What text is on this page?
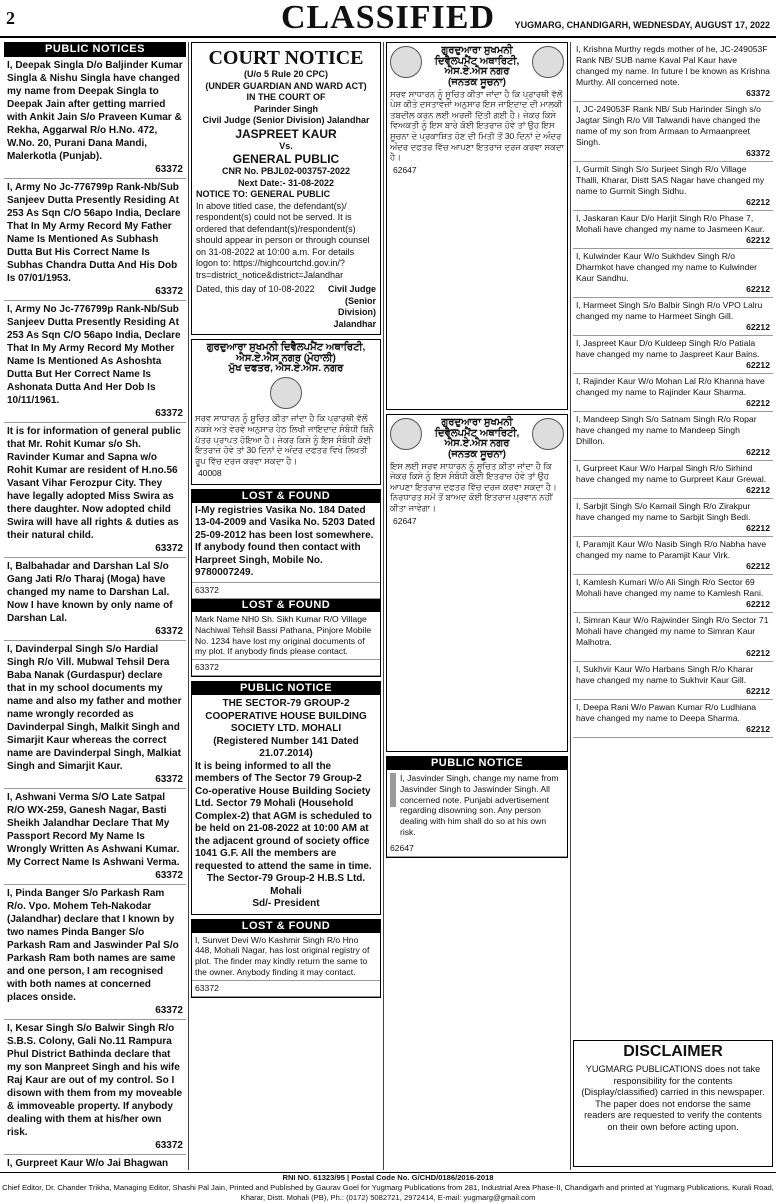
2	CLASSIFIED	YUGMARG, CHANDIGARH, WEDNESDAY, AUGUST 17, 2022
PUBLIC NOTICES
I, Deepak Singla D/o Baljinder Kumar Singla & Nishu Singla have changed my name from Deepak Singla to Deepak Jain after getting married with Ankit Jain S/o Praveen Kumar & Rekha, Aggarwal R/o H.No. 472, W.No. 20, Purani Dana Mandi, Malerkotla (Punjab).
63372
I, Army No Jc-776799p Rank-Nb/Sub Sanjeev Dutta Presently Residing At 253 As Sqn C/O 56apo India, Declare That In My Army Record My Father Name Is Mentioned As Subhash Dutta But His Correct Name Is Subhas Chandra Dutta And His Dob Is 07/01/1953.
63372
I, Army No Jc-776799p Rank-Nb/Sub Sanjeev Dutta Presently Residing At 253 As Sqn C/O 56apo India, Declare That In My Army Record My Mother Name Is Mentioned As Ashoshta Dutta But Her Correct Name Is Ashonata Dutta And Her Dob Is 10/11/1961.
63372
It is for information of general public that Mr. Rohit Kumar s/o Sh. Ravinder Kumar and Sapna w/o Rohit Kumar are resident of H.no.56 Vasant Vihar Ferozpur City. They have legally adopted Miss Swira as there daughter. Now adopted child Swira will have all rights & duties as their natural child.
63372
I, Balbahadar and Darshan Lal S/o Gang Jati R/o Tharaj (Moga) have changed my name to Darshan Lal. Now I have known by only name of Darshan Lal.
63372
I, Davinderpal Singh S/o Hardial Singh R/o Vill. Mubwal Tehsil Dera Baba Nanak (Gurdaspur) declare that in my school documents my name and also my father and mother name wrongly recorded as Davinderpal Singh, Malkit Singh and Simarjit Kaur whereas the correct name are Davinderpal Singh, Malkiat Singh and Simarjit Kaur.
63372
I, Ashwani Verma S/O Late Satpal R/O WX-259, Ganesh Nagar, Basti Sheikh Jalandhar Declare That My Passport Record My Name Is Wrongly Written As Ashwani Kumar. My Correct Name Is Ashwani Verma.
63372
I, Pinda Banger S/o Parkash Ram R/o. Vpo. Mohem Teh-Nakodar (Jalandhar) declare that I known by two names Pinda Banger S/o Parkash Ram and Jaswinder Pal S/o Parkash Ram both names are same and one person, I am recognised with both names at concerned places onside.
63372
I, Kesar Singh S/o Balwir Singh R/o S.B.S. Colony, Gali No.11 Rampura Phul District Bathinda declare that my son Manpreet Singh and his wife Raj Kaur are out of my control. So I disown with them from my moveable & immoveable property. If anybody dealing with them at his/her own risk.
63372
I, Gurpreet Kaur W/o Jai Bhagwan
COURT NOTICE
(U/o 5 Rule 20 CPC)
(UNDER GUARDIAN AND WARD ACT)
IN THE COURT OF
Parinder Singh
Civil Judge (Senior Division) Jalandhar
JASPREET KAUR
Vs.
GENERAL PUBLIC
CNR No. PBJL02-003757-2022
Next Date:- 31-08-2022
NOTICE TO: GENERAL PUBLIC
In above titled case, the defendant(s)/ respondent(s) could not be served. It is ordered that defendant(s)/respondent(s) should appear in person or through counsel on 31-08-2022 at 10:00 a.m. For details logon to: https://highcourtchd.gov.in/?trs=district_notice&district=Jalandhar
Dated, this day of 10-08-2022	Civil Judge (Senior Division) Jalandhar
ਗੁਰਦੁਆਰਾ ਸੁਖਮਨੀ ਦਿਵੈਲਪਮੈਂਟ ਅਥਾਰਿਟੀ, ਐਸ.ਏ.ਐਸ ਨਗਰ (ਮੋਹਾਲੀ)
ਮੁੱਖ ਦਫਤਰ, ਐਸ.ਏ.ਐਸ. ਨਗਰ
ਸਰਵ ਸਾਧਾਰਨ ਨੂੰ ਸੂਚਿਤ ਕੀਤਾ ਜਾਂਦਾ ਹੈ ਕਿ ਪ੍ਰਾਰਥੀ ਵੱਲੋਂ ਨਕਸ਼ੇ ਅਤੇ ਵੇਰਵੇ ਅਨੁਸਾਰ ਹੇਠ ਲਿਖੀ ਜਾਇਦਾਦ ਸੰਬੰਧੀ ਬਿਨੈ ਪੱਤਰ ਪ੍ਰਾਪਤ ਹੋਇਆ ਹੈ। ਜੇਕਰ ਕਿਸੇ ਨੂੰ ਇਸ ਸੰਬੰਧੀ ਕੋਈ ਇਤਰਾਜ਼ ਹੋਵੇ ਤਾਂ 30 ਦਿਨਾਂ ਦੇ ਅੰਦਰ ਦਫਤਰ ਵਿਖੇ ਲਿਖਤੀ ਰੂਪ ਵਿੱਚ ਦਰਜ ਕਰਵਾ ਸਕਦਾ ਹੈ।
40008
LOST & FOUND
I-My registries Vasika No. 184 Dated 13-04-2009 and Vasika No. 5203 Dated 25-09-2012 has been lost somewhere. If anybody found then contact with Harpreet Singh, Mobile No. 9780007249.
63372
LOST & FOUND
Mark Name NH0 Sh. Sikh Kumar R/O Village Nachiwal Tehsil Bassi Pathana, Pinjore Mobile No. 1234 have lost my original documents of my plot. If anybody finds please contact.
63372
PUBLIC NOTICE
THE SECTOR-79 GROUP-2 COOPERATIVE HOUSE BUILDING SOCIETY LTD. MOHALI
(Registered Number 141 Dated 21.07.2014)
It is being informed to all the members of The Sector 79 Group-2 Co-operative House Building Society Ltd. Sector 79 Mohali (Household Complex-2) that AGM is scheduled to be held on 21-08-2022 at 10:00 AM at the adjacent ground of society office 1041 G.F. All the members are requested to attend the same in time.
The Sector-79 Group-2 H.B.S Ltd. Mohali
Sd/- President
LOST & FOUND
I, Sunvet Devi W/o Kashmir Singh R/o Hno 448, Mohali Nagar, has lost original registry of plot. The finder may kindly return the same to the owner. Anybody finding it may contact.
63372
ਗੁਰਦੁਆਰਾ ਸੁਖਮਨੀ ਦਿਵੈਲਪਮੈਂਟ ਅਥਾਰਿਟੀ, ਐਸ.ਏ.ਐਸ ਨਗਰ
(ਜਨਤਕ ਸੂਚਨਾ)
ਸਰਵ ਸਾਧਾਰਨ ਨੂੰ ਸੂਚਿਤ ਕੀਤਾ ਜਾਂਦਾ ਹੈ ਕਿ ਪ੍ਰਾਰਥੀ ਵੱਲੋਂ ਪੇਸ਼ ਕੀਤੇ ਦਸਤਾਵੇਜ਼ਾਂ ਅਨੁਸਾਰ ਇਸ ਜਾਇਦਾਦ ਦੀ ਮਾਲਕੀ ਤਬਦੀਲ ਕਰਨ ਲਈ ਅਰਜ਼ੀ ਦਿੱਤੀ ਗਈ ਹੈ। ਜੇਕਰ ਕਿਸੇ ਵਿਅਕਤੀ ਨੂੰ ਇਸ ਬਾਰੇ ਕੋਈ ਇਤਰਾਜ਼ ਹੋਵੇ ਤਾਂ ਉਹ ਇਸ ਸੂਚਨਾ ਦੇ ਪ੍ਰਕਾਸ਼ਿਤ ਹੋਣ ਦੀ ਮਿਤੀ ਤੋਂ 30 ਦਿਨਾਂ ਦੇ ਅੰਦਰ ਅੰਦਰ ਦਫਤਰ ਵਿੱਚ ਆਪਣਾ ਇਤਰਾਜ਼ ਦਰਜ ਕਰਵਾ ਸਕਦਾ ਹੈ।
62647
ਗੁਰਦੁਆਰਾ ਸੁਖਮਨੀ ਦਿਵੈਲਪਮੈਂਟ ਅਥਾਰਿਟੀ, ਐਸ.ਏ.ਐਸ ਨਗਰ
(ਜਨਤਕ ਸੂਚਨਾ)
ਇਸ ਲਈ ਸਰਵ ਸਾਧਾਰਨ ਨੂੰ ਸੂਚਿਤ ਕੀਤਾ ਜਾਂਦਾ ਹੈ ਕਿ ਜੇਕਰ ਕਿਸੇ ਨੂੰ ਇਸ ਸੰਬੰਧੀ ਕੋਈ ਇਤਰਾਜ਼ ਹੋਵੇ ਤਾਂ ਉਹ ਆਪਣਾ ਇਤਰਾਜ਼ ਦਫਤਰ ਵਿੱਚ ਦਰਜ ਕਰਵਾ ਸਕਦਾ ਹੈ। ਨਿਰਧਾਰਤ ਸਮੇਂ ਤੋਂ ਬਾਅਦ ਕੋਈ ਇਤਰਾਜ਼ ਪ੍ਰਵਾਨ ਨਹੀਂ ਕੀਤਾ ਜਾਵੇਗਾ।
62647
PUBLIC NOTICE
I, Jasvinder Singh, change my name from Jasvinder Singh to Jaswinder Singh. All concerned note. Punjabi advertisement regarding disowning son. Any person dealing with him shall do so at his own risk.
62647
I, Krishna Murthy regds mother of he, JC-249053F Rank NB/ SUB name Kaval Pal Kaur have changed my name. In future I be known as Krishna Murthy. All concerned note.
63372
I, JC-249053F Rank NB/ Sub Harinder Singh s/o Jagtar Singh R/o Vill Talwandi have changed the name of my son from Armaan to Armaanpreet Singh.
63372
I, Gurmit Singh S/o Surjeet Singh R/o Village Thalli, Kharar, Distt SAS Nagar have changed my name to Gurmit Singh Sidhu.
62212
I, Jaskaran Kaur D/o Harjit Singh R/o Phase 7, Mohali have changed my name to Jasmeen Kaur.
62212
I, Kulwinder Kaur W/o Sukhdev Singh R/o Dharmkot have changed my name to Kulwinder Kaur Sandhu.
62212
I, Harmeet Singh S/o Balbir Singh R/o VPO Lalru changed my name to Harmeet Singh Gill.
62212
I, Jaspreet Kaur D/o Kuldeep Singh R/o Patiala have changed my name to Jaspreet Kaur Bains.
62212
I, Rajinder Kaur W/o Mohan Lal R/o Khanna have changed my name to Rajinder Kaur Sharma.
62212
I, Mandeep Singh S/o Satnam Singh R/o Ropar have changed my name to Mandeep Singh Dhillon.
62212
I, Gurpreet Kaur W/o Harpal Singh R/o Sirhind have changed my name to Gurpreet Kaur Grewal.
62212
I, Sarbjit Singh S/o Karnail Singh R/o Zirakpur have changed my name to Sarbjit Singh Bedi.
62212
I, Paramjit Kaur W/o Nasib Singh R/o Nabha have changed my name to Paramjit Kaur Virk.
62212
I, Kamlesh Kumari W/o Ali Singh R/o Sector 69 Mohali have changed my name to Kamlesh Rani.
62212
I, Simran Kaur W/o Rajwinder Singh R/o Sector 71 Mohali have changed my name to Simran Kaur Malhotra.
62212
I, Sukhvir Kaur W/o Harbans Singh R/o Kharar have changed my name to Sukhvir Kaur Gill.
62212
I, Deepa Rani W/o Pawan Kumar R/o Ludhiana have changed my name to Deepa Sharma.
62212
DISCLAIMER
YUGMARG PUBLICATIONS does not take responsibility for the contents (Display/classified) carried in this newspaper. The paper does not endorse the same readers are requested to verify the contents on their own before acting upon.
RNI NO. 61323/95 | Postal Code No. G/CHD/0186/2016-2018
Chief Editor, Dr. Chander Trikha, Managing Editor, Shashi Pal Jain, Printed and Published by Gaurav Goel for Yugmarg Publications from 281, Industrial Area Phase-II, Chandigarh and printed at Yugmarg Publications, Kurali Road, Kharar, Distt. Mohali (PB), Ph.: (0172) 5082721, 2972414, E-mail: yugmarg@gmail.com
